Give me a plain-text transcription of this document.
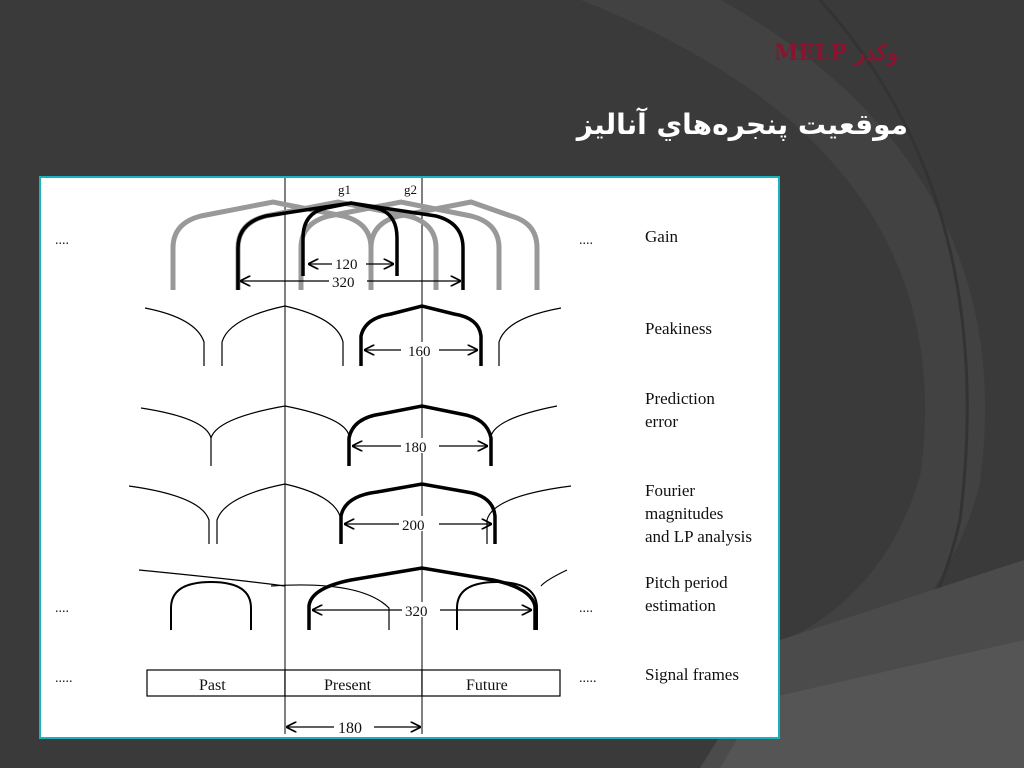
وكدر MELP
موقعيت پنجره‌هاي آناليز
g1	g2
120
320
....	....
160
180
200
320
....	....
Past	Present	Future
.....	.....
180
Gain
Peakiness
Prediction
error
Fourier
magnitudes
and LP analysis
Pitch period
estimation
Signal frames
